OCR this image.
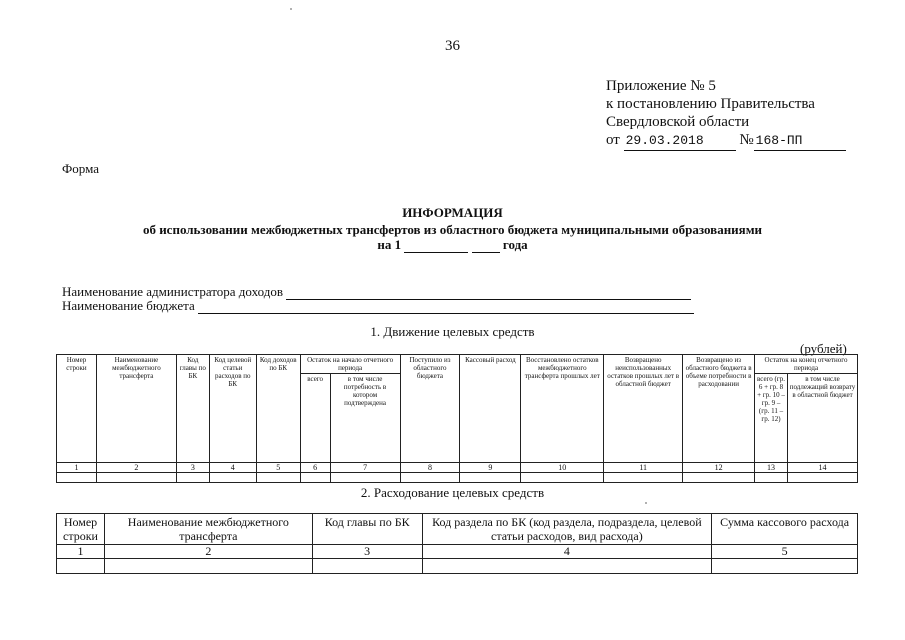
36
Приложение № 5
к постановлению Правительства
Свердловской области
от 29.03.2018 № 168-ПП
Форма
ИНФОРМАЦИЯ
об использовании межбюджетных трансфертов из областного бюджета муниципальными образованиями
на 1	года
Наименование администратора доходов
Наименование бюджета
1. Движение целевых средств
(рублей)
Номер строки	Наименование межбюджетного трансферта	Код главы по БК	Код целевой статьи расходов по БК	Код доходов по БК	Остаток на начало отчетного периода		Поступило из областного бюджета	Кассовый расход	Восстановлено остатков межбюджетного трансферта прошлых лет	Возвращено неиспользованных остатков прошлых лет в областной бюджет	Возвращено из областного бюджета в объеме потребности в расходовании	Остаток на конец отчетного периода	
					всего	в том числе потребность в котором подтверждена						всего (гр. 6 + гр. 8 + гр. 10 – гр. 9 – (гр. 11 – гр. 12)	в том числе подлежащий возврату в областной бюджет
1	2	3	4	5	6	7	8	9	10	11	12	13	14

2. Расходование целевых средств
Номер строки	Наименование межбюджетного трансферта	Код главы по БК	Код раздела по БК (код раздела, подраздела, целевой статьи расходов, вид расхода)	Сумма кассового расхода
1	2	3	4	5
